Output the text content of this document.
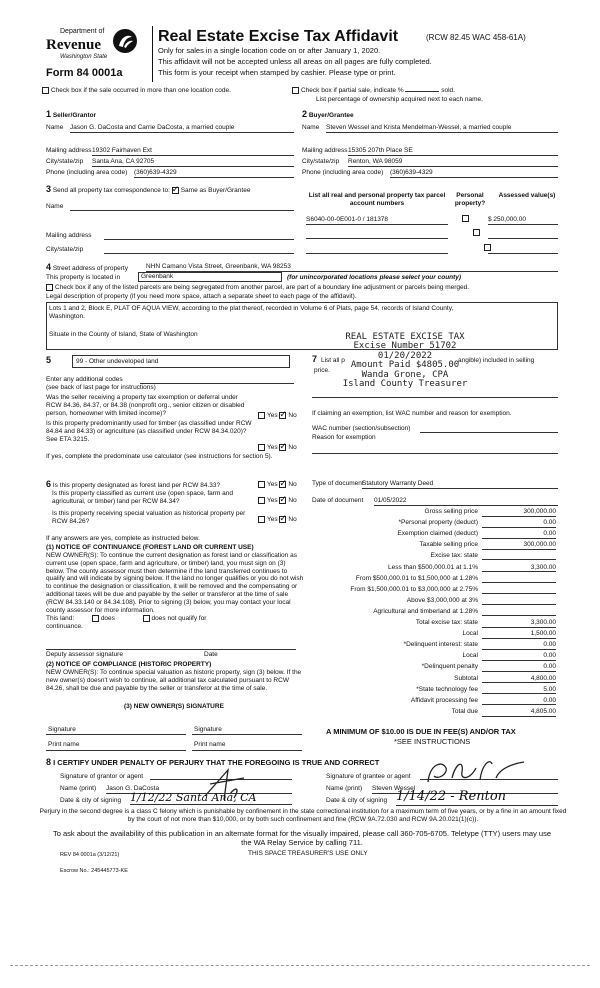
Department of
Revenue
Washington State
Form 84 0001a
Real Estate Excise Tax Affidavit	(RCW 82.45 WAC 458-61A)
Only for sales in a single location code on or after January 1, 2020.
This affidavit will not be accepted unless all areas on all pages are fully completed.
This form is your receipt when stamped by cashier. Please type or print.
Check box if the sale occurred in more than one location code.	Check box if partial sale, indicate %	sold.
List percentage of ownership acquired next to each name.
1 Seller/Grantor
Name Jason G. DaCosta and Carrie DaCosta, a married couple
Mailing address 19302 Fairhaven Ext
City/state/zip Santa Ana, CA 92705
Phone (including area code) (360)639-4329
2 Buyer/Grantee
Name Steven Wessel and Krista Mendelman-Wessel, a married couple
Mailing address 15305 207th Place SE
City/state/zip Renton, WA 98059
Phone (including area code) (360)639-4329
3 Send all property tax correspondence to: ✓ Same as Buyer/Grantee
Name
Mailing address
City/state/zip
List all real and personal property tax parcel account numbers
Personal property?
Assessed value(s)
S6040-00-0E001-0 / 181378
	$ 250,000.00

4 Street address of property	NHN Camano Vista Street, Greenbank, WA 98253
This property is located in	Greenbank	(for unincorporated locations please select your county)
Check box if any of the listed parcels are being segregated from another parcel, are part of a boundary line adjustment or parcels being merged.
Legal description of property (if you need more space, attach a separate sheet to each page of the affidavit).
Lots 1 and 2, Block E, PLAT OF AQUA VIEW, according to the plat thereof, recorded in Volume 6 of Plats, page 54, records of Island County,
Washington.
Situate in the County of Island, State of Washington	REAL ESTATE EXCISE TAX
Excise Number 51702
01/20/2022
Amount Paid $4805.00
Wanda Grone, CPA
Island County Treasurer
5	99 - Other undeveloped land
Enter any additional codes
(see back of last page for instructions)
Was the seller receiving a property tax exemption or deferral under RCW 84.36, 84.37, or 84.38 (nonprofit org., senior citizen or disabled person, homeowner with limited income)?	Yes ✓ No
Is this property predominantly used for timber (as classified under RCW 84.84 and 84.33) or agriculture (as classified under RCW 84.34.020)? See ETA 3215.
Yes ✓ No
If yes, complete the predominate use calculator (see instructions for section 5).
7 List all p
price.
angible) included in selling
If claiming an exemption, list WAC number and reason for exemption.
WAC number (section/subsection)
Reason for exemption
Type of document
Statutory Warranty Deed
Date of document 01/05/2022
6 Is this property designated as forest land per RCW 84.33?	Yes ✓ No
Is this property classified as current use (open space, farm and agricultural, or timber) land per RCW 84.34?	Yes ✓ No
Is this property receiving special valuation as historical property per RCW 84.26?	Yes ✓ No
If any answers are yes, complete as instructed below.
(1) NOTICE OF CONTINUANCE (FOREST LAND OR CURRENT USE)
NEW OWNER(S): To continue the current designation as forest land or classification as current use (open space, farm and agriculture, or timber) land, you must sign on (3) below. The county assessor must then determine if the land transferred continues to qualify and will indicate by signing below. If the land no longer qualifies or you do not wish to continue the designation or classification, it will be removed and the compensating or additional taxes will be due and payable by the seller or transferor at the time of sale (RCW 84.33.140 or 84.34.108). Prior to signing (3) below, you may contact your local county assessor for more information.
This land:	does	does not qualify for
continuance.
Deputy assessor signature	Date
(2) NOTICE OF COMPLIANCE (HISTORIC PROPERTY)
NEW OWNER(S): To continue special valuation as historic property, sign (3) below. If the new owner(s) doesn't wish to continue, all additional tax calculated pursuant to RCW 84.26, shall be due and payable by the seller or transferor at the time of sale.
(3) NEW OWNER(S) SIGNATURE
Signature	Signature
Print name	Print name
Gross selling price	300,000.00
*Personal property (deduct)	0.00
Exemption claimed (deduct)	0.00
Taxable selling price	300,000.00
Excise tax: state
Less than $500,000.01 at 1.1%	3,300.00
From $500,000.01 to $1,500,000 at 1.28%
From $1,500,000.01 to $3,000,000 at 2.75%
Above $3,000,000 at 3%
Agricultural and timberland at 1.28%
Total excise tax: state	3,300.00
Local	1,500.00
*Delinquent interest: state	0.00
Local	0.00
*Delinquent penalty	0.00
Subtotal	4,800.00
*State technology fee	5.00
Affidavit processing fee	0.00
Total due	4,805.00
A MINIMUM OF $10.00 IS DUE IN FEE(S) AND/OR TAX
*SEE INSTRUCTIONS
8 I CERTIFY UNDER PENALTY OF PERJURY THAT THE FOREGOING IS TRUE AND CORRECT
Signature of grantor or agent
Name (print) Jason G. DaCosta
Date & city of signing 1/12/22 Santa Ana, CA
Signature of grantee or agent
Name (print) Steven Wessel
Date & city of signing 1/14/22 - Renton
Perjury in the second degree is a class C felony which is punishable by confinement in the state correctional institution for a maximum term of five years, or by a fine in an amount fixed by the court of not more than $10,000, or by both such confinement and fine (RCW 9A.72.030 and RCW 9A.20.021(1)(c)).
To ask about the availability of this publication in an alternate format for the visually impaired, please call 360-705-6705. Teletype (TTY) users may use the WA Relay Service by calling 711.
REV 84 0001a (3/12/21)	THIS SPACE TREASURER'S USE ONLY
Escrow No.: 245445773-KE
